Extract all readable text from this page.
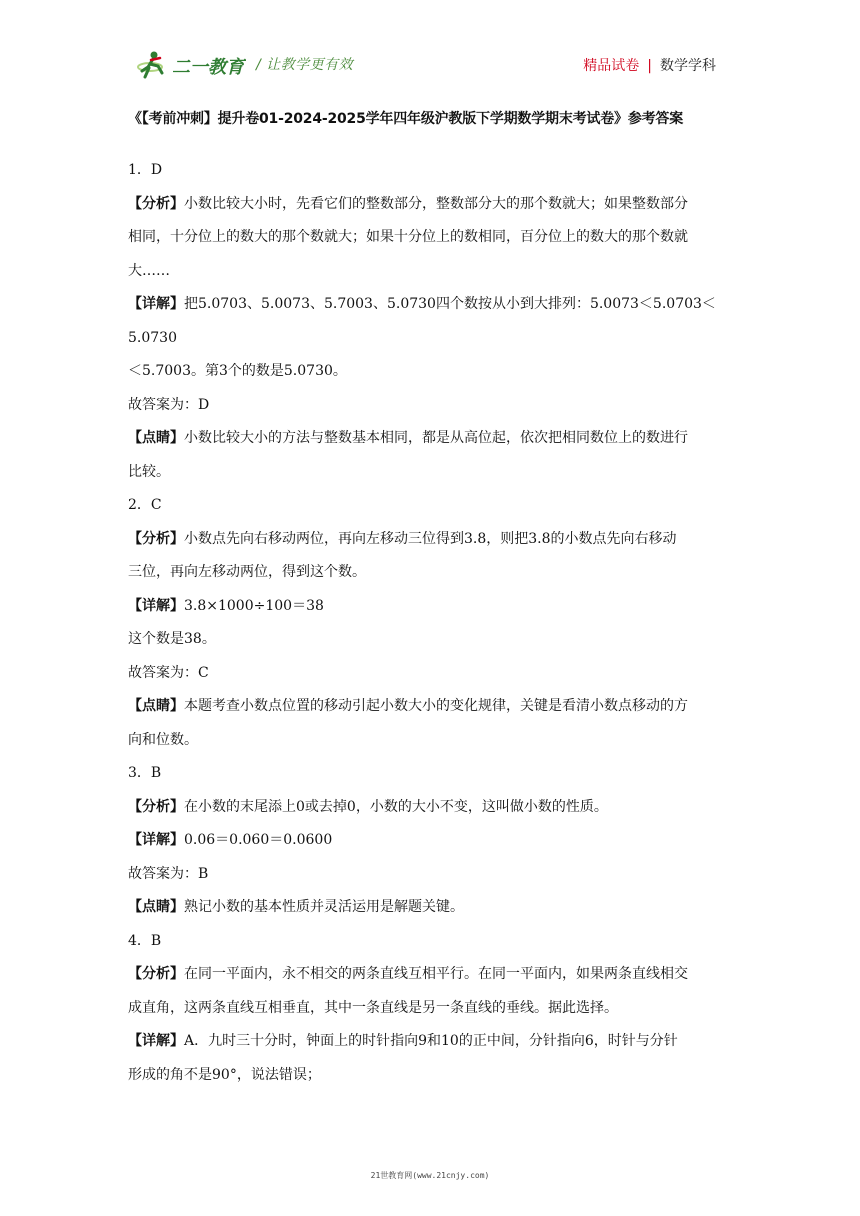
二一教育 / 让教学更有效	精品试卷 | 数学学科
《【考前冲刺】提升卷01-2024-2025学年四年级沪教版下学期数学期末考试卷》参考答案

1．D

【分析】小数比较大小时，先看它们的整数部分，整数部分大的那个数就大；如果整数部分

相同，十分位上的数大的那个数就大；如果十分位上的数相同，百分位上的数大的那个数就

大……

【详解】把5.0703、5.0073、5.7003、5.0730四个数按从小到大排列：5.0073＜5.0703＜5.0730

＜5.7003。第3个的数是5.0730。

故答案为：D

【点睛】小数比较大小的方法与整数基本相同，都是从高位起，依次把相同数位上的数进行

比较。

2．C

【分析】小数点先向右移动两位，再向左移动三位得到3.8，则把3.8的小数点先向右移动

三位，再向左移动两位，得到这个数。

【详解】3.8×1000÷100＝38

这个数是38。

故答案为：C

【点睛】本题考查小数点位置的移动引起小数大小的变化规律，关键是看清小数点移动的方

向和位数。

3．B

【分析】在小数的末尾添上0或去掉0，小数的大小不变，这叫做小数的性质。

【详解】0.06＝0.060＝0.0600

故答案为：B

【点睛】熟记小数的基本性质并灵活运用是解题关键。

4．B

【分析】在同一平面内，永不相交的两条直线互相平行。在同一平面内，如果两条直线相交

成直角，这两条直线互相垂直，其中一条直线是另一条直线的垂线。据此选择。

【详解】A．九时三十分时，钟面上的时针指向9和10的正中间，分针指向6，时针与分针

形成的角不是90°，说法错误；

21世教育网(www.21cnjy.com)
